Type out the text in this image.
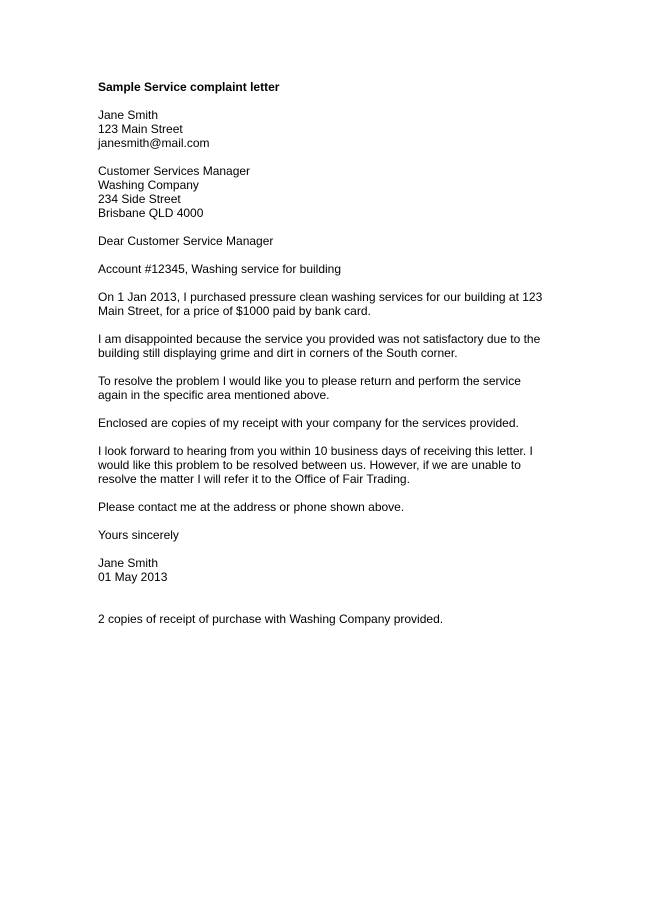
Sample Service complaint letter
Jane Smith
123 Main Street
janesmith@mail.com
Customer Services Manager
Washing Company
234 Side Street
Brisbane QLD 4000
Dear Customer Service Manager
Account #12345, Washing service for building
On 1 Jan 2013, I purchased pressure clean washing services for our building at 123
Main Street, for a price of $1000 paid by bank card.
I am disappointed because the service you provided was not satisfactory due to the
building still displaying grime and dirt in corners of the South corner.
To resolve the problem I would like you to please return and perform the service
again in the specific area mentioned above.
Enclosed are copies of my receipt with your company for the services provided.
I look forward to hearing from you within 10 business days of receiving this letter. I
would like this problem to be resolved between us. However, if we are unable to
resolve the matter I will refer it to the Office of Fair Trading.
Please contact me at the address or phone shown above.
Yours sincerely
Jane Smith
01 May 2013
2 copies of receipt of purchase with Washing Company provided.
